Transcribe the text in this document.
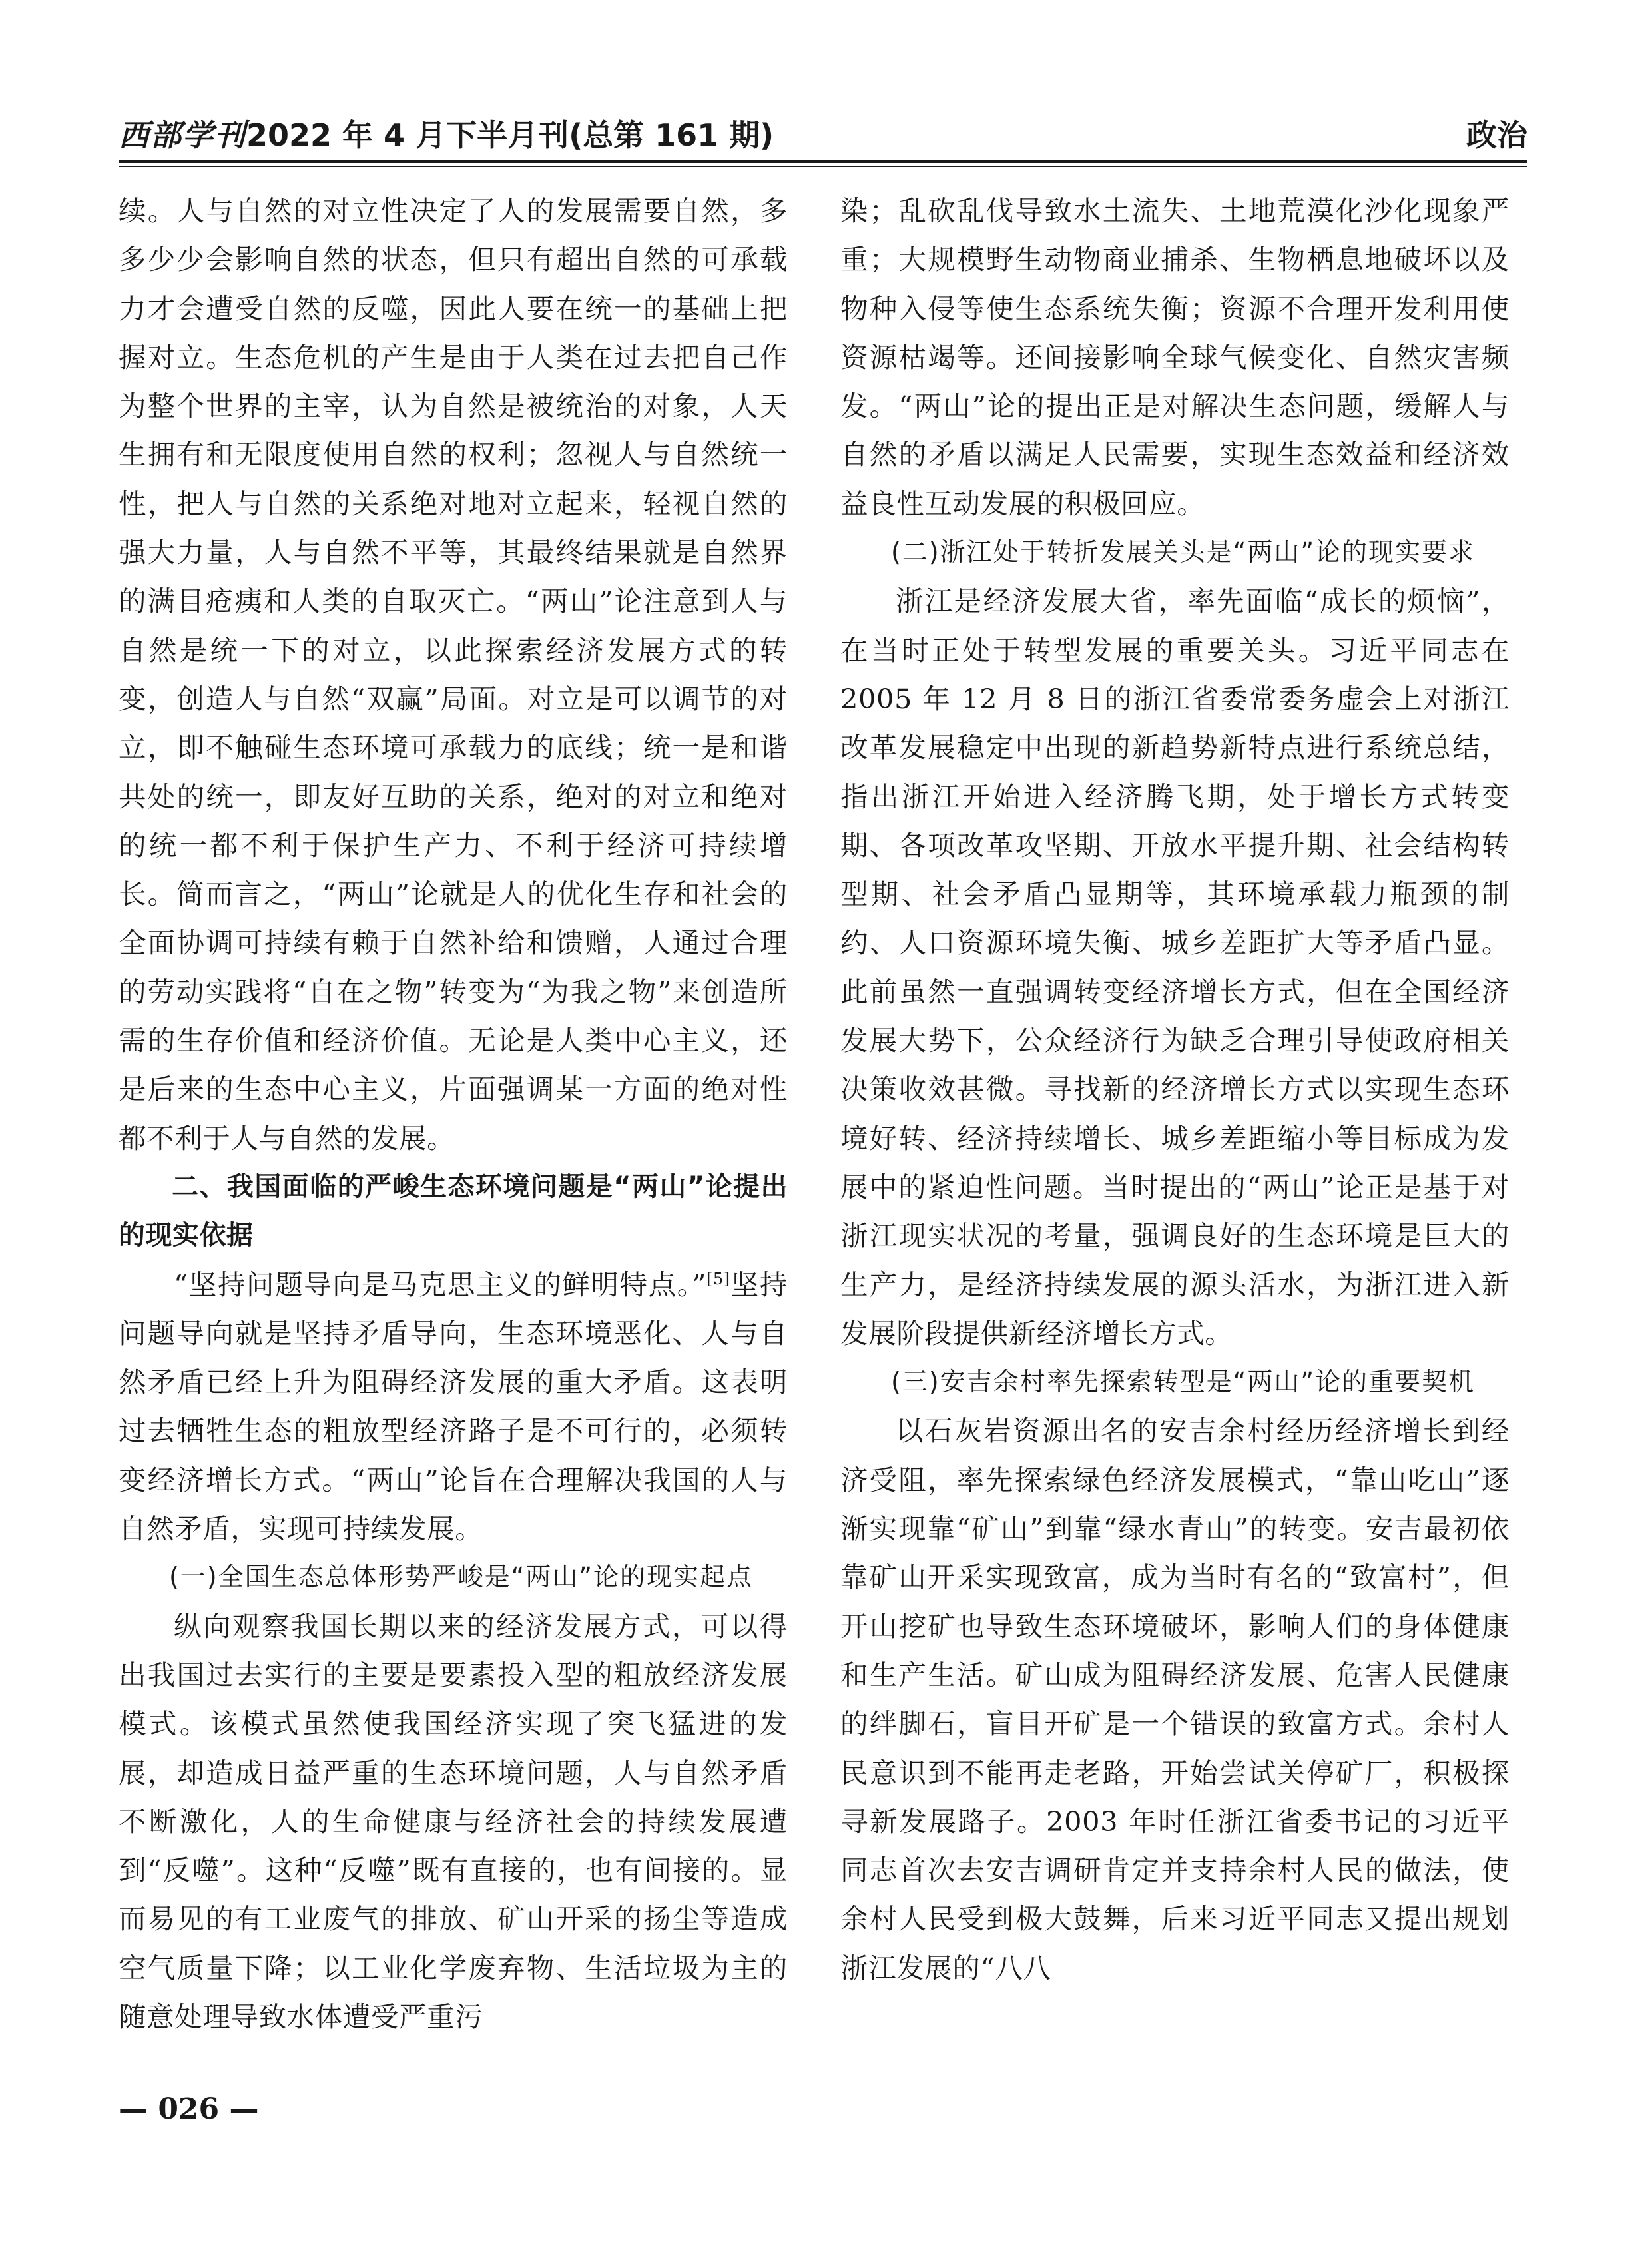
西部学刊2022 年 4 月下半月刊(总第 161 期)	政治

续。人与自然的对立性决定了人的发展需要自然，多多少少会影响自然的状态，但只有超出自然的可承载力才会遭受自然的反噬，因此人要在统一的基础上把握对立。生态危机的产生是由于人类在过去把自己作为整个世界的主宰，认为自然是被统治的对象，人天生拥有和无限度使用自然的权利；忽视人与自然统一性，把人与自然的关系绝对地对立起来，轻视自然的强大力量，人与自然不平等，其最终结果就是自然界的满目疮痍和人类的自取灭亡。“两山”论注意到人与自然是统一下的对立，以此探索经济发展方式的转变，创造人与自然“双赢”局面。对立是可以调节的对立，即不触碰生态环境可承载力的底线；统一是和谐共处的统一，即友好互助的关系，绝对的对立和绝对的统一都不利于保护生产力、不利于经济可持续增长。简而言之，“两山”论就是人的优化生存和社会的全面协调可持续有赖于自然补给和馈赠，人通过合理的劳动实践将“自在之物”转变为“为我之物”来创造所需的生存价值和经济价值。无论是人类中心主义，还是后来的生态中心主义，片面强调某一方面的绝对性都不利于人与自然的发展。

二、我国面临的严峻生态环境问题是“两山”论提出的现实依据

“坚持问题导向是马克思主义的鲜明特点。”[5]坚持问题导向就是坚持矛盾导向，生态环境恶化、人与自然矛盾已经上升为阻碍经济发展的重大矛盾。这表明过去牺牲生态的粗放型经济路子是不可行的，必须转变经济增长方式。“两山”论旨在合理解决我国的人与自然矛盾，实现可持续发展。

(一)全国生态总体形势严峻是“两山”论的现实起点

纵向观察我国长期以来的经济发展方式，可以得出我国过去实行的主要是要素投入型的粗放经济发展模式。该模式虽然使我国经济实现了突飞猛进的发展，却造成日益严重的生态环境问题，人与自然矛盾不断激化，人的生命健康与经济社会的持续发展遭到“反噬”。这种“反噬”既有直接的，也有间接的。显而易见的有工业废气的排放、矿山开采的扬尘等造成空气质量下降；以工业化学废弃物、生活垃圾为主的随意处理导致水体遭受严重污

染；乱砍乱伐导致水土流失、土地荒漠化沙化现象严重；大规模野生动物商业捕杀、生物栖息地破坏以及物种入侵等使生态系统失衡；资源不合理开发利用使资源枯竭等。还间接影响全球气候变化、自然灾害频发。“两山”论的提出正是对解决生态问题，缓解人与自然的矛盾以满足人民需要，实现生态效益和经济效益良性互动发展的积极回应。

(二)浙江处于转折发展关头是“两山”论的现实要求

浙江是经济发展大省，率先面临“成长的烦恼”，在当时正处于转型发展的重要关头。习近平同志在 2005 年 12 月 8 日的浙江省委常委务虚会上对浙江改革发展稳定中出现的新趋势新特点进行系统总结，指出浙江开始进入经济腾飞期，处于增长方式转变期、各项改革攻坚期、开放水平提升期、社会结构转型期、社会矛盾凸显期等，其环境承载力瓶颈的制约、人口资源环境失衡、城乡差距扩大等矛盾凸显。此前虽然一直强调转变经济增长方式，但在全国经济发展大势下，公众经济行为缺乏合理引导使政府相关决策收效甚微。寻找新的经济增长方式以实现生态环境好转、经济持续增长、城乡差距缩小等目标成为发展中的紧迫性问题。当时提出的“两山”论正是基于对浙江现实状况的考量，强调良好的生态环境是巨大的生产力，是经济持续发展的源头活水，为浙江进入新发展阶段提供新经济增长方式。

(三)安吉余村率先探索转型是“两山”论的重要契机

以石灰岩资源出名的安吉余村经历经济增长到经济受阻，率先探索绿色经济发展模式，“靠山吃山”逐渐实现靠“矿山”到靠“绿水青山”的转变。安吉最初依靠矿山开采实现致富，成为当时有名的“致富村”，但开山挖矿也导致生态环境破坏，影响人们的身体健康和生产生活。矿山成为阻碍经济发展、危害人民健康的绊脚石，盲目开矿是一个错误的致富方式。余村人民意识到不能再走老路，开始尝试关停矿厂，积极探寻新发展路子。2003 年时任浙江省委书记的习近平同志首次去安吉调研肯定并支持余村人民的做法，使余村人民受到极大鼓舞，后来习近平同志又提出规划浙江发展的“八八

— 026 —
